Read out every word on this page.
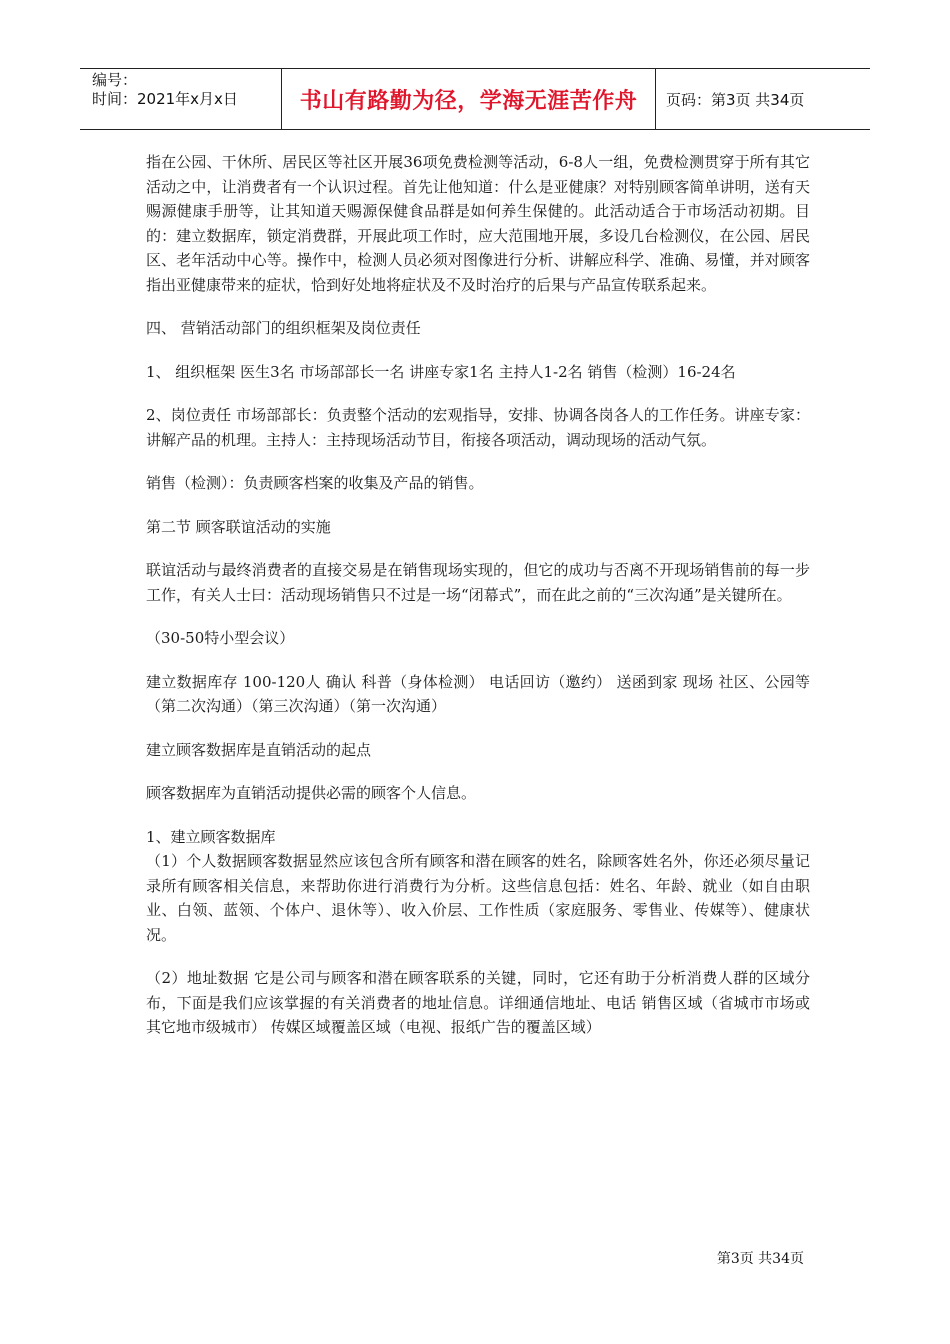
编号：
时间：2021年x月x日	书山有路勤为径，学海无涯苦作舟	页码：第3页 共34页

指在公园、干休所、居民区等社区开展36项免费检测等活动，6-8人一组，免费检测贯穿于所有其它活动之中，让消费者有一个认识过程。首先让他知道：什么是亚健康？对特别顾客简单讲明，送有天赐源健康手册等，让其知道天赐源保健食品群是如何养生保健的。此活动适合于市场活动初期。目的：建立数据库，锁定消费群，开展此项工作时，应大范围地开展，多设几台检测仪，在公园、居民区、老年活动中心等。操作中，检测人员必须对图像进行分析、讲解应科学、准确、易懂，并对顾客指出亚健康带来的症状，恰到好处地将症状及不及时治疗的后果与产品宣传联系起来。

四、 营销活动部门的组织框架及岗位责任

1、 组织框架 医生3名 市场部部长一名 讲座专家1名 主持人1-2名 销售（检测）16-24名

2、岗位责任 市场部部长：负责整个活动的宏观指导，安排、协调各岗各人的工作任务。讲座专家：讲解产品的机理。主持人：主持现场活动节目，衔接各项活动，调动现场的活动气氛。

销售（检测）：负责顾客档案的收集及产品的销售。

第二节 顾客联谊活动的实施

联谊活动与最终消费者的直接交易是在销售现场实现的，但它的成功与否离不开现场销售前的每一步工作，有关人士曰：活动现场销售只不过是一场“闭幕式”，而在此之前的“三次沟通”是关键所在。

（30-50特小型会议）

建立数据库存 100-120人 确认 科普（身体检测） 电话回访（邀约） 送函到家 现场 社区、公园等（第二次沟通）（第三次沟通）（第一次沟通）

建立顾客数据库是直销活动的起点

顾客数据库为直销活动提供必需的顾客个人信息。

1、建立顾客数据库

（1）个人数据顾客数据显然应该包含所有顾客和潜在顾客的姓名，除顾客姓名外，你还必须尽量记录所有顾客相关信息，来帮助你进行消费行为分析。这些信息包括：姓名、年龄、就业（如自由职业、白领、蓝领、个体户、退休等）、收入价层、工作性质（家庭服务、零售业、传媒等）、健康状况。

（2）地址数据 它是公司与顾客和潜在顾客联系的关键，同时，它还有助于分析消费人群的区域分布，下面是我们应该掌握的有关消费者的地址信息。详细通信地址、电话 销售区域（省城市市场或其它地市级城市） 传媒区域覆盖区域（电视、报纸广告的覆盖区域）

第3页 共34页
